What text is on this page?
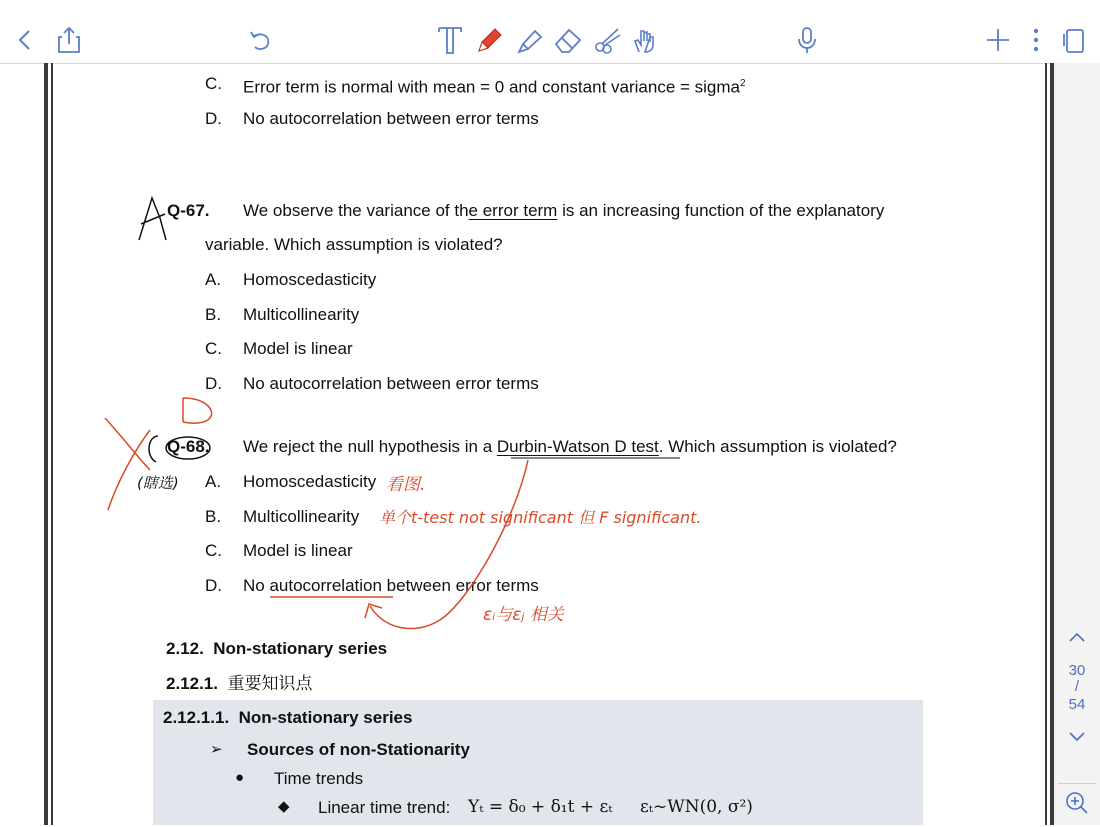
C. Error term is normal with mean = 0 and constant variance = sigma$^2$
D. No autocorrelation between error terms
Q-67. We observe the variance of the error term is an increasing function of the explanatory
variable. Which assumption is violated?
A. Homoscedasticity
B. Multicollinearity
C. Model is linear
D. No autocorrelation between error terms
Q-68. We reject the null hypothesis in a Durbin-Watson D test. Which assumption is violated?
A. Homoscedasticity
B. Multicollinearity
C. Model is linear
D. No autocorrelation between error terms
2.12. Non-stationary series
2.12.1. 重要知识点
2.12.1.1. Non-stationary series
➢ Sources of non-Stationarity
● Time trends
◆ Linear time trend: Yₜ = δ₀ + δ₁t + εₜ εₜ~WN(0, σ²)
(瞎选)	看图.
单个t-test not significant 但 F significant.
εᵢ与εⱼ 相关
30
/
54
